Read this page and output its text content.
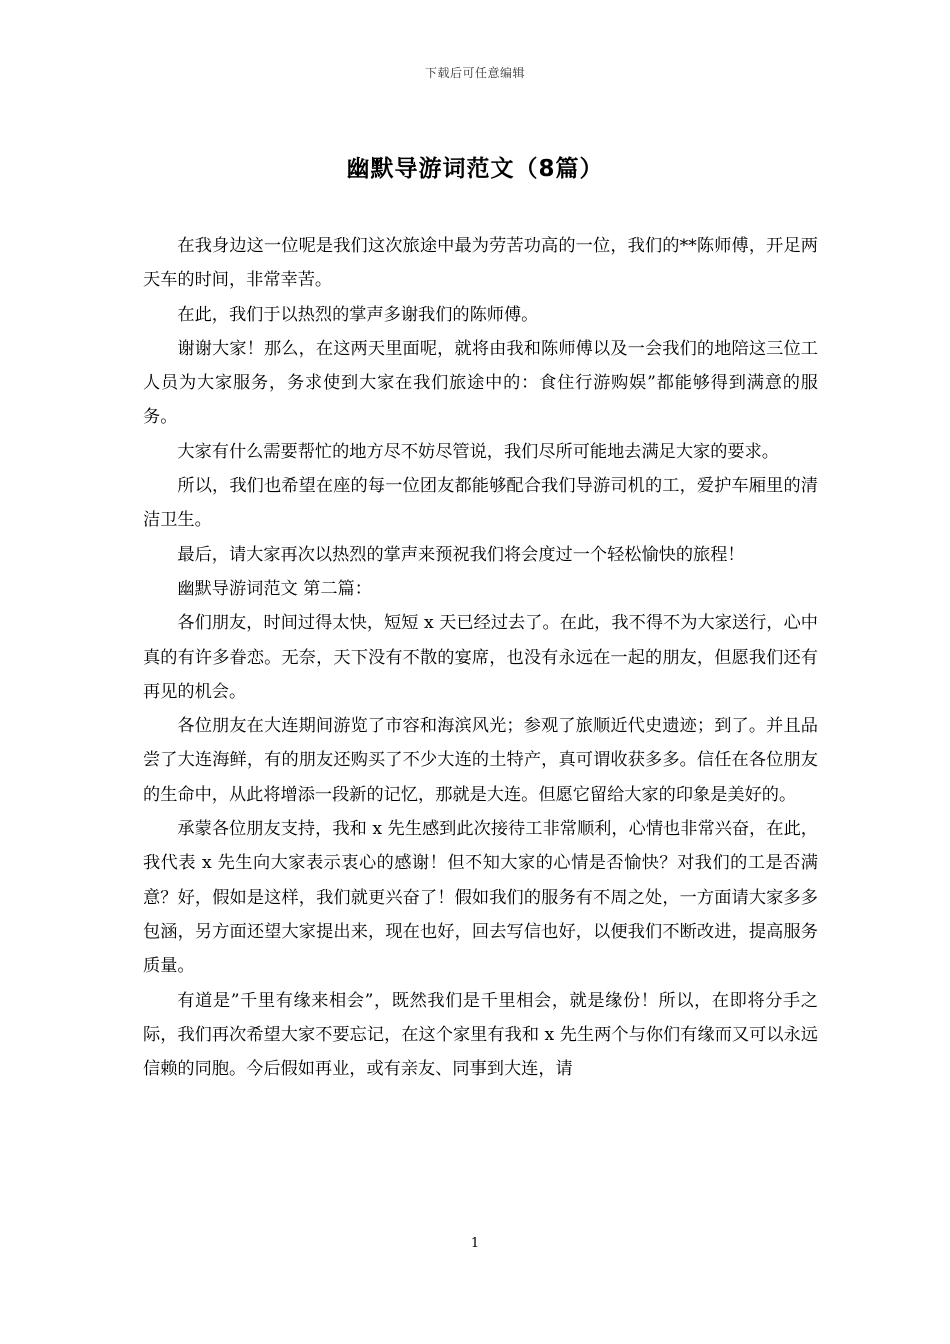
下载后可任意编辑
幽默导游词范文（8篇）

在我身边这一位呢是我们这次旅途中最为劳苦功高的一位，我们的**陈师傅，开足两天车的时间，非常幸苦。

在此，我们于以热烈的掌声多谢我们的陈师傅。

谢谢大家！那么，在这两天里面呢，就将由我和陈师傅以及一会我们的地陪这三位工人员为大家服务，务求使到大家在我们旅途中的：食住行游购娱”都能够得到满意的服务。

大家有什么需要帮忙的地方尽不妨尽管说，我们尽所可能地去满足大家的要求。

所以，我们也希望在座的每一位团友都能够配合我们导游司机的工，爱护车厢里的清洁卫生。

最后，请大家再次以热烈的掌声来预祝我们将会度过一个轻松愉快的旅程！

幽默导游词范文 第二篇：

各们朋友，时间过得太快，短短 x 天已经过去了。在此，我不得不为大家送行，心中真的有许多眷恋。无奈，天下没有不散的宴席，也没有永远在一起的朋友，但愿我们还有再见的机会。

各位朋友在大连期间游览了市容和海滨风光；参观了旅顺近代史遗迹；到了。并且品尝了大连海鲜，有的朋友还购买了不少大连的土特产，真可谓收获多多。信任在各位朋友的生命中，从此将增添一段新的记忆，那就是大连。但愿它留给大家的印象是美好的。

承蒙各位朋友支持，我和 x 先生感到此次接待工非常顺利，心情也非常兴奋，在此，我代表 x 先生向大家表示衷心的感谢！但不知大家的心情是否愉快？对我们的工是否满意？好，假如是这样，我们就更兴奋了！假如我们的服务有不周之处，一方面请大家多多包涵，另方面还望大家提出来，现在也好，回去写信也好，以便我们不断改进，提高服务质量。

有道是”千里有缘来相会”，既然我们是千里相会，就是缘份！所以，在即将分手之际，我们再次希望大家不要忘记，在这个家里有我和 x 先生两个与你们有缘而又可以永远信赖的同胞。今后假如再业，或有亲友、同事到大连，请

1
